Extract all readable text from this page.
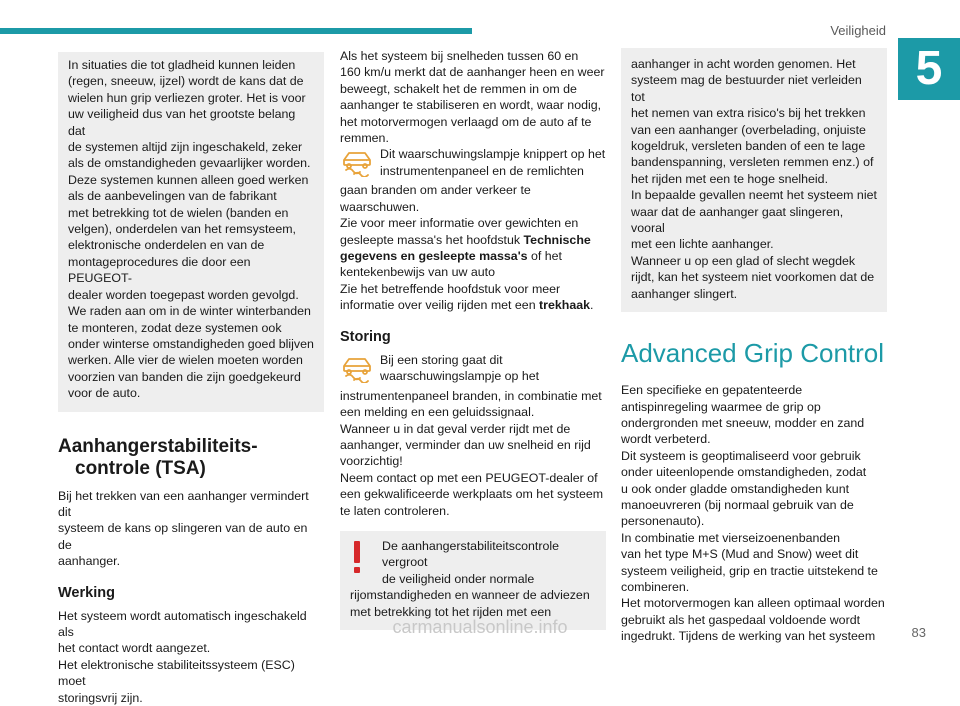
Veiligheid
5
In situaties die tot gladheid kunnen leiden
(regen, sneeuw, ijzel) wordt de kans dat de
wielen hun grip verliezen groter. Het is voor
uw veiligheid dus van het grootste belang dat
de systemen altijd zijn ingeschakeld, zeker
als de omstandigheden gevaarlijker worden.
Deze systemen kunnen alleen goed werken
als de aanbevelingen van de fabrikant
met betrekking tot de wielen (banden en
velgen), onderdelen van het remsysteem,
elektronische onderdelen en van de
montageprocedures die door een PEUGEOT-
dealer worden toegepast worden gevolgd.
We raden aan om in de winter winterbanden
te monteren, zodat deze systemen ook
onder winterse omstandigheden goed blijven
werken. Alle vier de wielen moeten worden
voorzien van banden die zijn goedgekeurd
voor de auto.
Aanhangerstabiliteits-
controle (TSA)
Bij het trekken van een aanhanger vermindert dit
systeem de kans op slingeren van de auto en de
aanhanger.
Werking
Het systeem wordt automatisch ingeschakeld als
het contact wordt aangezet.
Het elektronische stabiliteitssysteem (ESC) moet
storingsvrij zijn.
Als het systeem bij snelheden tussen 60 en
160 km/u merkt dat de aanhanger heen en weer
beweegt, schakelt het de remmen in om de
aanhanger te stabiliseren en wordt, waar nodig,
het motorvermogen verlaagd om de auto af te
remmen.
Dit waarschuwingslampje knippert op het
instrumentenpaneel en de remlichten
gaan branden om ander verkeer te
waarschuwen.
Zie voor meer informatie over gewichten en

gesleepte massa's het hoofdstuk Technische

gegevens en gesleepte massa's of het

kentekenbewijs van uw auto
Zie het betreffende hoofdstuk voor meer

informatie over veilig rijden met een trekhaak.

Storing
Bij een storing gaat dit
waarschuwingslampje op het
instrumentenpaneel branden, in combinatie met
een melding en een geluidssignaal.
Wanneer u in dat geval verder rijdt met de
aanhanger, verminder dan uw snelheid en rijd
voorzichtig!
Neem contact op met een PEUGEOT-dealer of
een gekwalificeerde werkplaats om het systeem
te laten controleren.
De aanhangerstabiliteitscontrole vergroot
de veiligheid onder normale
rijomstandigheden en wanneer de adviezen
met betrekking tot het rijden met een
aanhanger in acht worden genomen. Het
systeem mag de bestuurder niet verleiden tot
het nemen van extra risico's bij het trekken
van een aanhanger (overbelading, onjuiste
kogeldruk, versleten banden of een te lage
bandenspanning, versleten remmen enz.) of
het rijden met een te hoge snelheid.
In bepaalde gevallen neemt het systeem niet
waar dat de aanhanger gaat slingeren, vooral
met een lichte aanhanger.
Wanneer u op een glad of slecht wegdek
rijdt, kan het systeem niet voorkomen dat de
aanhanger slingert.
Advanced Grip Control
Een specifieke en gepatenteerde
antispinregeling waarmee de grip op
ondergronden met sneeuw, modder en zand
wordt verbeterd.
Dit systeem is geoptimaliseerd voor gebruik
onder uiteenlopende omstandigheden, zodat
u ook onder gladde omstandigheden kunt
manoeuvreren (bij normaal gebruik van de
personenauto).
In combinatie met vierseizoenenbanden
van het type M+S (Mud and Snow) weet dit
systeem veiligheid, grip en tractie uitstekend te
combineren.
Het motorvermogen kan alleen optimaal worden
gebruikt als het gaspedaal voldoende wordt
ingedrukt. Tijdens de werking van het systeem
carmanualsonline.info	83
